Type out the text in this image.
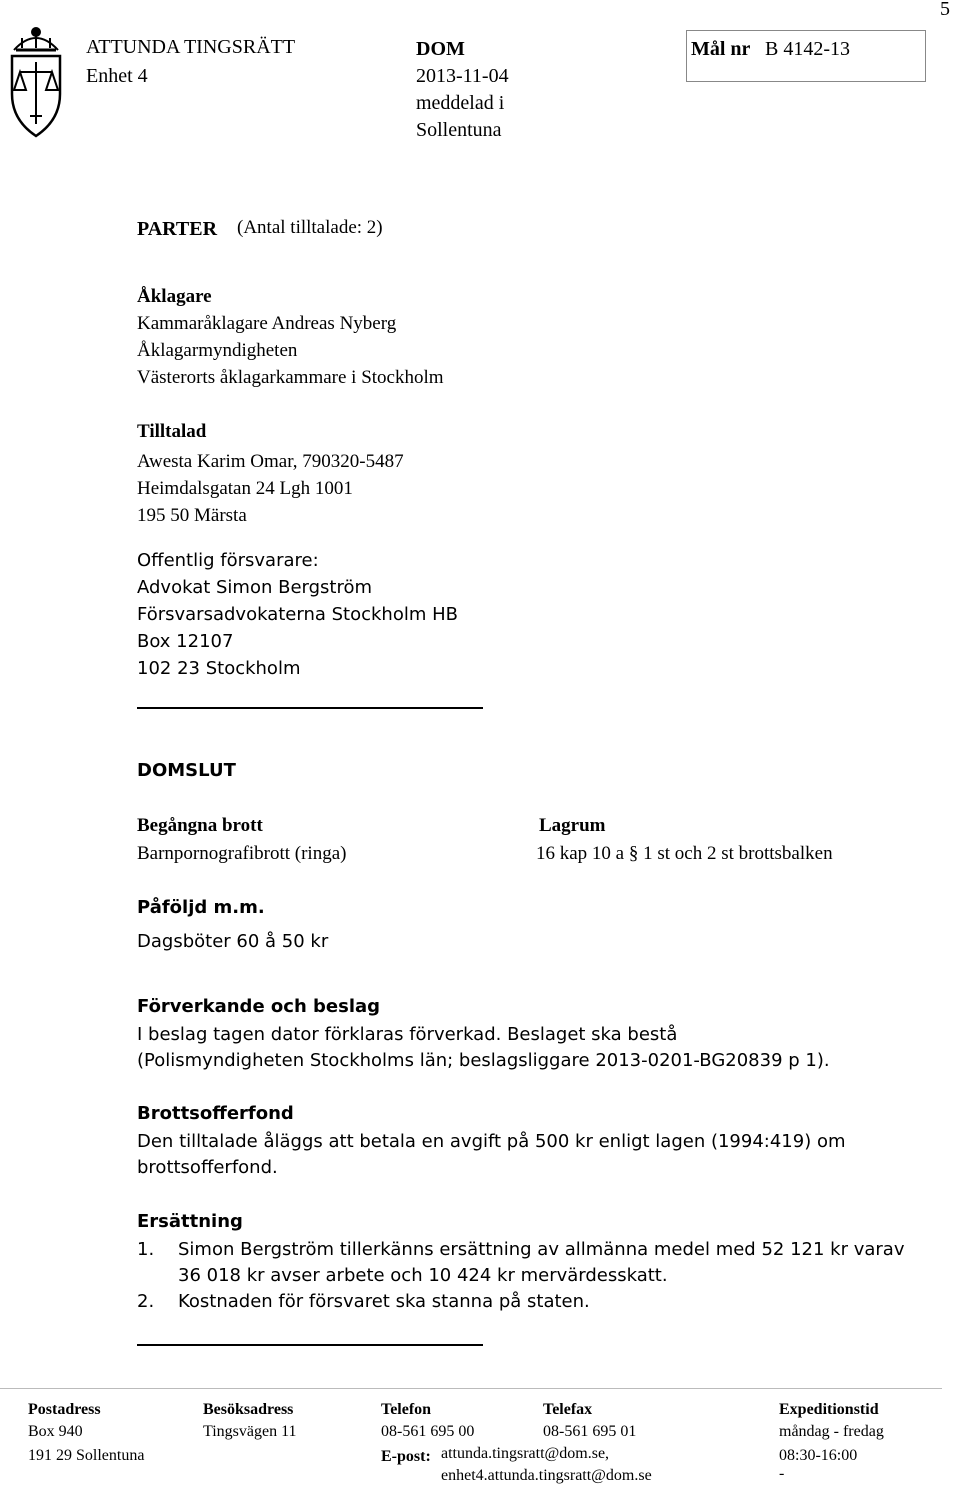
5
ATTUNDA TINGSRÄTT
Enhet 4
DOM
2013-11-04
meddelad i
Sollentuna
Mål nr B 4142-13
PARTER (Antal tilltalade: 2)
Åklagare
Kammaråklagare Andreas Nyberg
Åklagarmyndigheten
Västerorts åklagarkammare i Stockholm
Tilltalad
Awesta Karim Omar, 790320-5487
Heimdalsgatan 24 Lgh 1001
195 50 Märsta
Offentlig försvarare:
Advokat Simon Bergström
Försvarsadvokaterna Stockholm HB
Box 12107
102 23 Stockholm
DOMSLUT
Begångna brott
Barnpornografibrott (ringa)
Lagrum
16 kap 10 a § 1 st och 2 st brottsbalken
Påföljd m.m.
Dagsböter 60 å 50 kr
Förverkande och beslag
I beslag tagen dator förklaras förverkad. Beslaget ska bestå
(Polismyndigheten Stockholms län; beslagsliggare 2013-0201-BG20839 p 1).
Brottsofferfond
Den tilltalade åläggs att betala en avgift på 500 kr enligt lagen (1994:419) om
brottsofferfond.
Ersättning
1. Simon Bergström tillerkänns ersättning av allmänna medel med 52 121 kr varav
36 018 kr avser arbete och 10 424 kr mervärdesskatt.
2. Kostnaden för försvaret ska stanna på staten.
Postadress
Box 940
191 29 Sollentuna
Besöksadress
Tingsvägen 11
Telefon
08-561 695 00
Telefax
08-561 695 01
E-post: attunda.tingsratt@dom.se,
enhet4.attunda.tingsratt@dom.se
Expeditionstid
måndag - fredag
08:30-16:00
-
